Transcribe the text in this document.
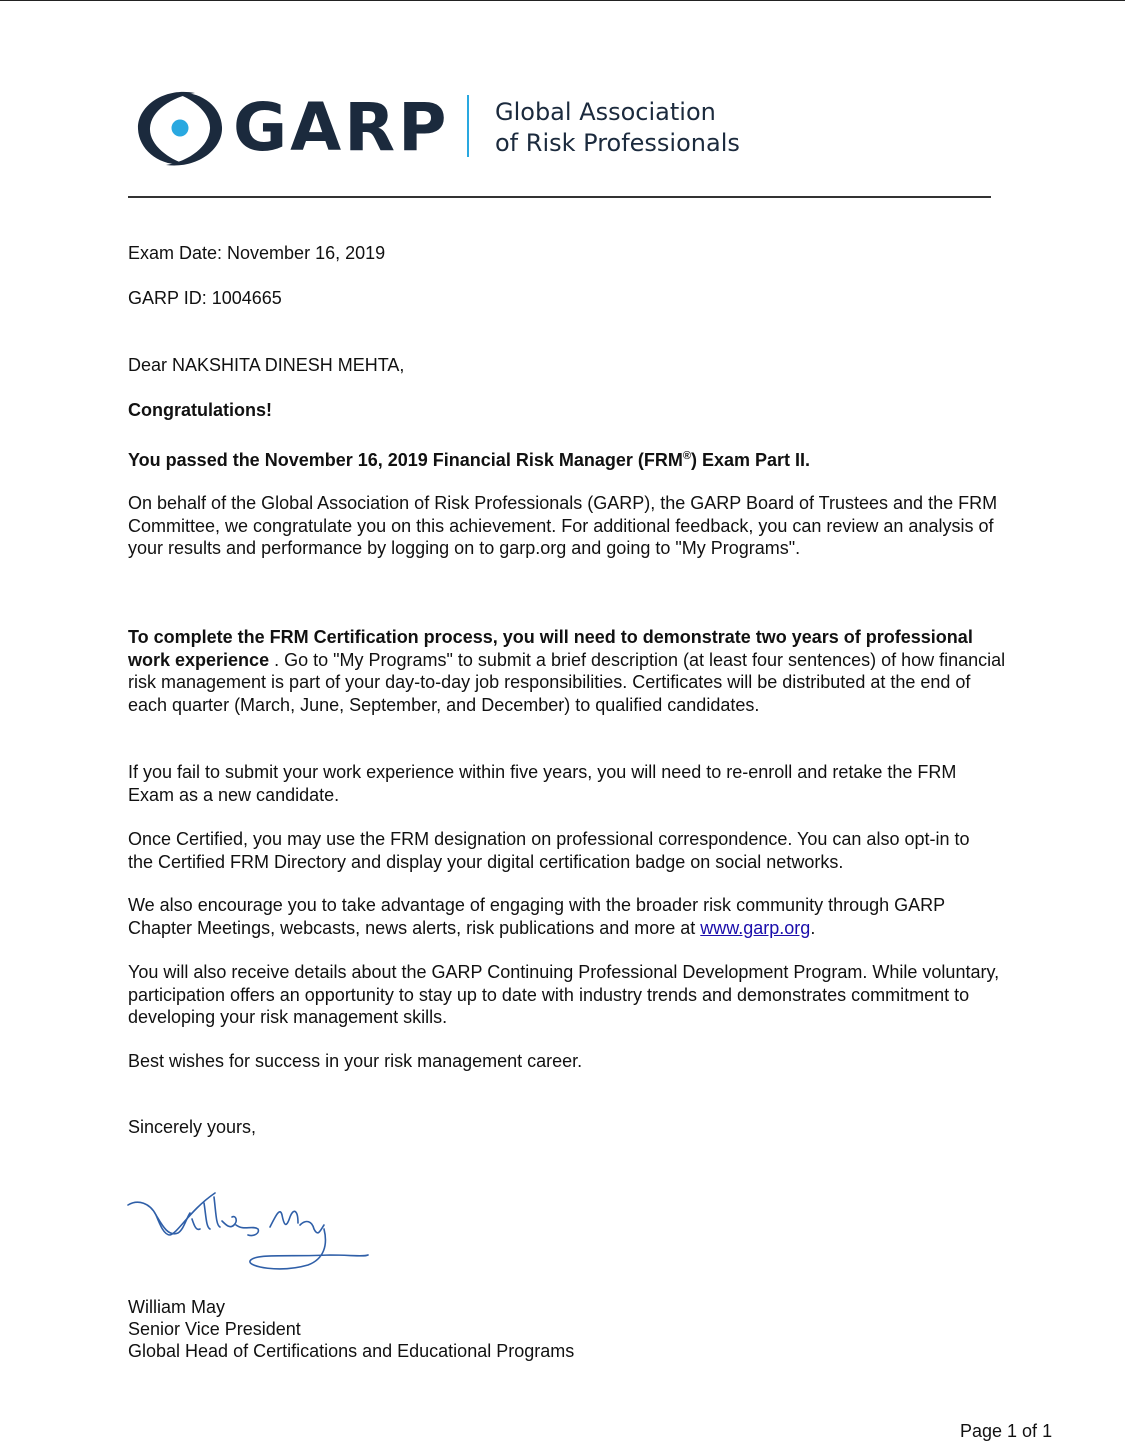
GARP Global Association
of Risk Professionals

Exam Date: November 16, 2019

GARP ID: 1004665

Dear NAKSHITA DINESH MEHTA,

Congratulations!

You passed the November 16, 2019 Financial Risk Manager (FRM®) Exam Part II.

On behalf of the Global Association of Risk Professionals (GARP), the GARP Board of Trustees and the FRM Committee, we congratulate you on this achievement. For additional feedback, you can review an analysis of your results and performance by logging on to garp.org and going to "My Programs".

To complete the FRM Certification process, you will need to demonstrate two years of professional work experience . Go to "My Programs" to submit a brief description (at least four sentences) of how financial risk management is part of your day-to-day job responsibilities. Certificates will be distributed at the end of each quarter (March, June, September, and December) to qualified candidates.

If you fail to submit your work experience within five years, you will need to re-enroll and retake the FRM Exam as a new candidate.

Once Certified, you may use the FRM designation on professional correspondence. You can also opt-in to the Certified FRM Directory and display your digital certification badge on social networks.

We also encourage you to take advantage of engaging with the broader risk community through GARP Chapter Meetings, webcasts, news alerts, risk publications and more at www.garp.org.

You will also receive details about the GARP Continuing Professional Development Program. While voluntary, participation offers an opportunity to stay up to date with industry trends and demonstrates commitment to developing your risk management skills.

Best wishes for success in your risk management career.

Sincerely yours,

William May

Senior Vice President

Global Head of Certifications and Educational Programs

Page 1 of 1
